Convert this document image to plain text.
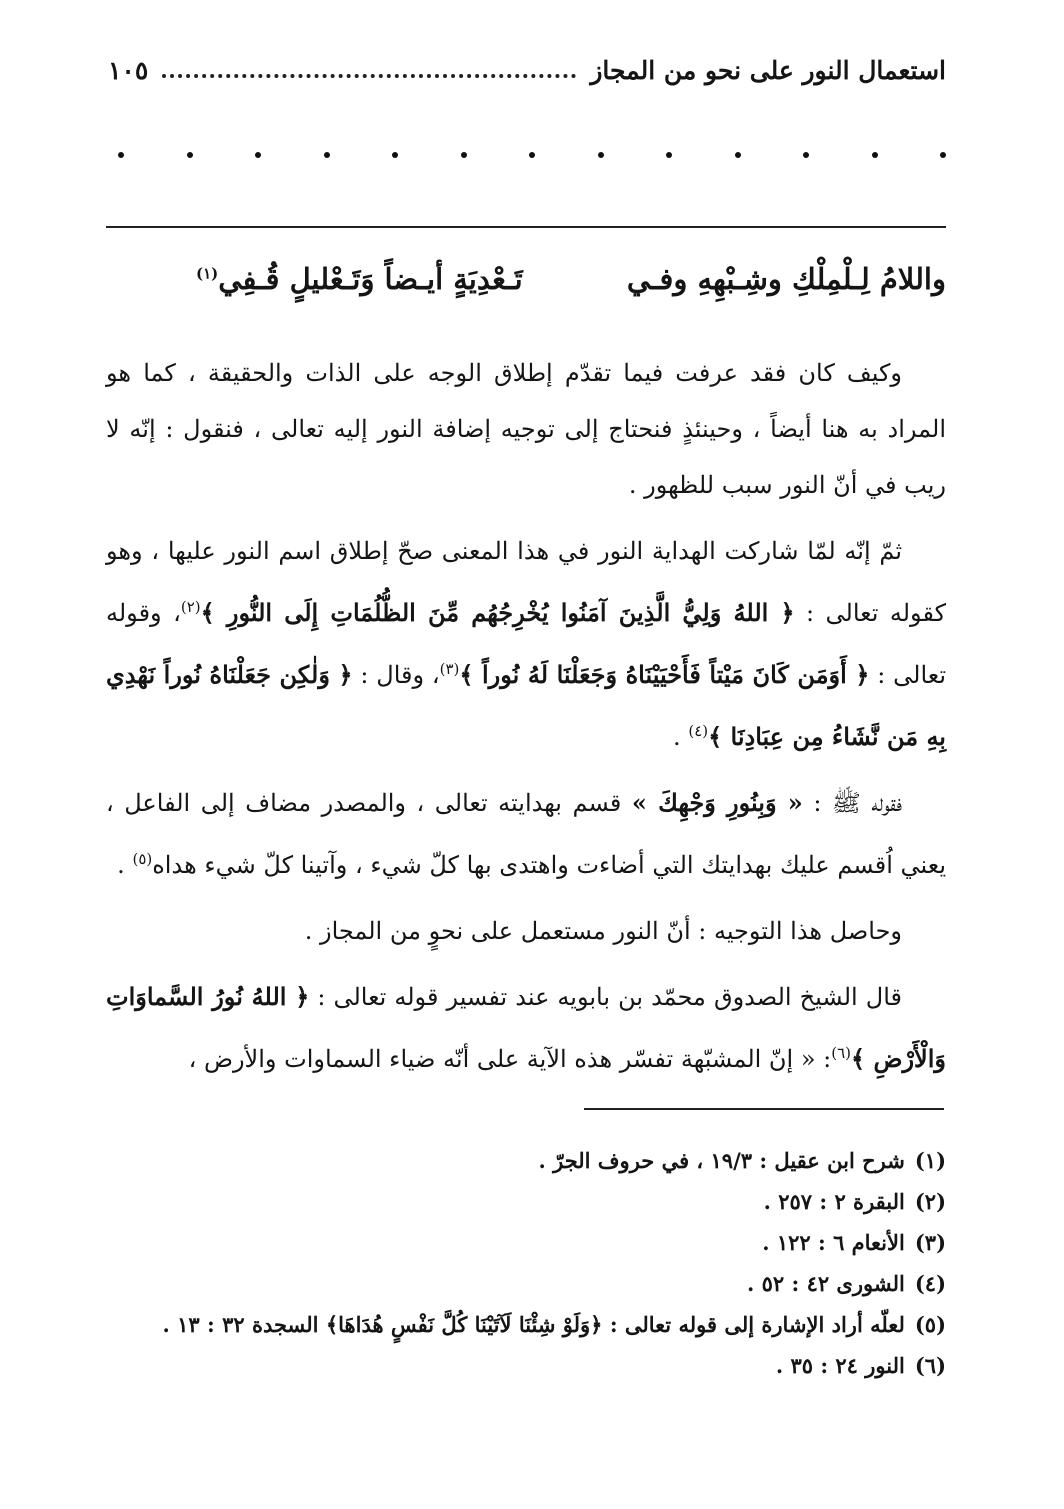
استعمال النور على نحو من المجاز
١٠٥
واللامُ لِـلْمِلْكِ وشِـبْهِهِ وفـي
تَـعْدِيَةٍ أيـضاً وَتَـعْليلٍ قُـفِي$^{(١)}$

وكيف كان فقد عرفت فيما تقدّم إطلاق الوجه على الذات والحقيقة ، كما هو المراد به هنا أيضاً ، وحينئذٍ فنحتاج إلى توجيه إضافة النور إليه تعالى ، فنقول : إنّه لا ريب في أنّ النور سبب للظهور .

ثمّ إنّه لمّا شاركت الهداية النور في هذا المعنى صحّ إطلاق اسم النور عليها ، وهو كقوله تعالى : ﴿ اللهُ وَلِيُّ الَّذِينَ آمَنُوا يُخْرِجُهُم مِّنَ الظُّلُمَاتِ إِلَى النُّورِ ﴾$^{(٢)}$، وقوله تعالى : ﴿ أَوَمَن كَانَ مَيْتاً فَأَحْيَيْنَاهُ وَجَعَلْنَا لَهُ نُوراً ﴾$^{(٣)}$، وقال : ﴿ وَلٰكِن جَعَلْنَاهُ نُوراً نَهْدِي بِهِ مَن نَّشَاءُ مِن عِبَادِنَا ﴾$^{(٤)}$ .

فقوله ﷺ : « وَبِنُورِ وَجْهِكَ » قسم بهدايته تعالى ، والمصدر مضاف إلى الفاعل ، يعني اُقسم عليك بهدايتك التي أضاءت واهتدى بها كلّ شيء ، وآتينا كلّ شيء هداه$^{(٥)}$ .

وحاصل هذا التوجيه : أنّ النور مستعمل على نحوٍ من المجاز .

قال الشيخ الصدوق محمّد بن بابويه عند تفسير قوله تعالى : ﴿ اللهُ نُورُ السَّماوَاتِ وَالْأَرْضِ ﴾$^{(٦)}$: « إنّ المشبّهة تفسّر هذه الآية على أنّه ضياء السماوات والأرض ،

(١)شرح ابن عقيل : ١٩/٣ ، في حروف الجرّ .

(٢)البقرة ٢ : ٢٥٧ .

(٣)الأنعام ٦ : ١٢٢ .

(٤)الشورى ٤٢ : ٥٢ .

(٥)لعلّه أراد الإشارة إلى قوله تعالى : ﴿وَلَوْ شِئْنَا لَآتَيْنَا كُلَّ نَفْسٍ هُدَاهَا﴾ السجدة ٣٢ : ١٣ .

(٦)النور ٢٤ : ٣٥ .
